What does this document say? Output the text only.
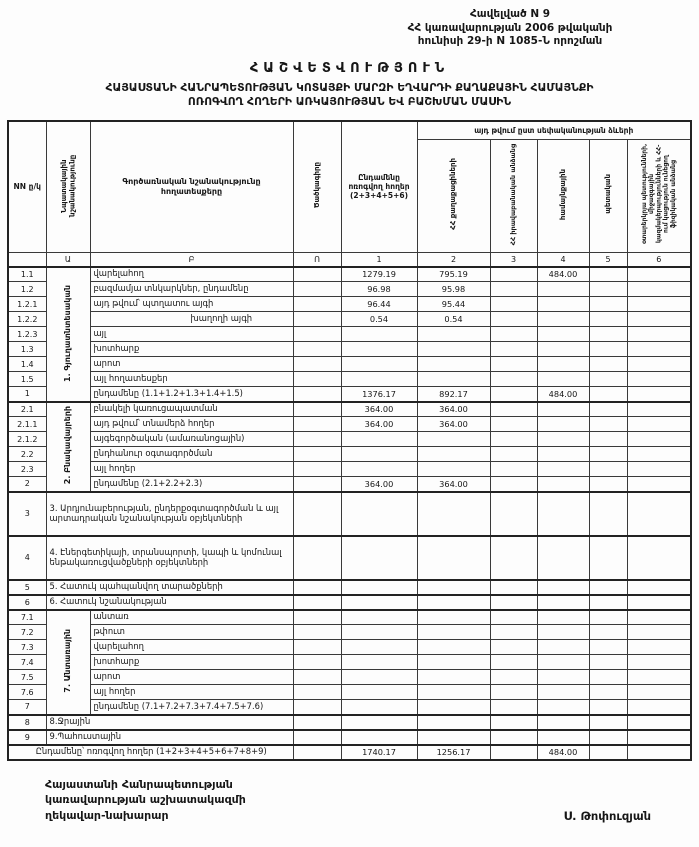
Հավելված N 9
ՀՀ կառավարության 2006 թվականի
հունիսի 29-ի N 1085-Ն որոշման
ՀԱՇՎԵՏՎՈՒԹՅՈՒՆ
ՀԱՅԱՍՏԱՆԻ ՀԱՆՐԱՊԵՏՈՒԹՅԱՆ ԿՈՏԱՅՔԻ ՄԱՐԶԻ ԵՂՎԱՐԴԻ ՔԱՂԱՔԱՅԻՆ ՀԱՄԱՅՆՔԻ
ՈՌՈԳՎՈՂ ՀՈՂԵՐԻ ԱՌԿԱՅՈՒԹՅԱՆ ԵՎ ԲԱՇԽՄԱՆ ՄԱՍԻՆ
NN ը/կ	Նպատակային նշանակությունը	Գործառնական նշանակությունը հողատեսքերը	Ծածկագիրը	Ընդամենը ոռոգվող հողեր (2+3+4+5+6)	այդ թվում ըստ սեփականության ձևերի				
					ՀՀ քաղաքացիների	ՀՀ իրավաբանական անձանց	համայնքային	պետական	օտարերկրյա պետությունների, միջազգային կազմակերպությունների և ՀՀ-ում կացություն ունեցող ֆիզիկական անձանց
	Ա	Բ	Ո	1	2	3	4	5	6
1.1	1. Գյուղատնտեսական	վարելահող		1279.19	795.19		484.00		
1.2		բազմամյա տնկարկներ, ընդամենը		96.98	95.98				
1.2.1		այդ թվում՝ պտղատու այգի		96.44	95.44				
1.2.2		խաղողի այգի		0.54	0.54				
1.2.3		այլ							
1.3		խոտհարք							
1.4		արոտ							
1.5		այլ հողատեսքեր							
1		ընդամենը (1.1+1.2+1.3+1.4+1.5)		1376.17	892.17		484.00		
2.1	2. Բնակավայրերի	բնակելի կառուցապատման		364.00	364.00				
2.1.1		այդ թվում՝ տնամերձ հողեր		364.00	364.00				
2.1.2		այգեգործական (ամառանոցային)							
2.2		ընդհանուր օգտագործման							
2.3		այլ հողեր							
2		ընդամենը (2.1+2.2+2.3)		364.00	364.00				
3	3. Արդյունաբերության, ընդերքօգտագործման և այլ արտադրական նշանակության օբյեկտների								
4	4. Էներգետիկայի, տրանսպորտի, կապի և կոմունալ ենթակառուցվածքների օբյեկտների								
5	5. Հատուկ պահպանվող տարածքների								
6	6. Հատուկ նշանակության								
7.1	7. Անտառային	անտառ							
7.2		թփուտ							
7.3		վարելահող							
7.4		խոտհարք							
7.5		արոտ							
7.6		այլ հողեր							
7		ընդամենը (7.1+7.2+7.3+7.4+7.5+7.6)							
8	8.Ջրային								
9	9.Պահուստային								
Ընդամենը՝ ոռոգվող հողեր (1+2+3+4+5+6+7+8+9)				1740.17	1256.17		484.00		
Հայաստանի Հանրապետության
կառավարության աշխատակազմի
ղեկավար-նախարար	Ս. Թոփուզյան
